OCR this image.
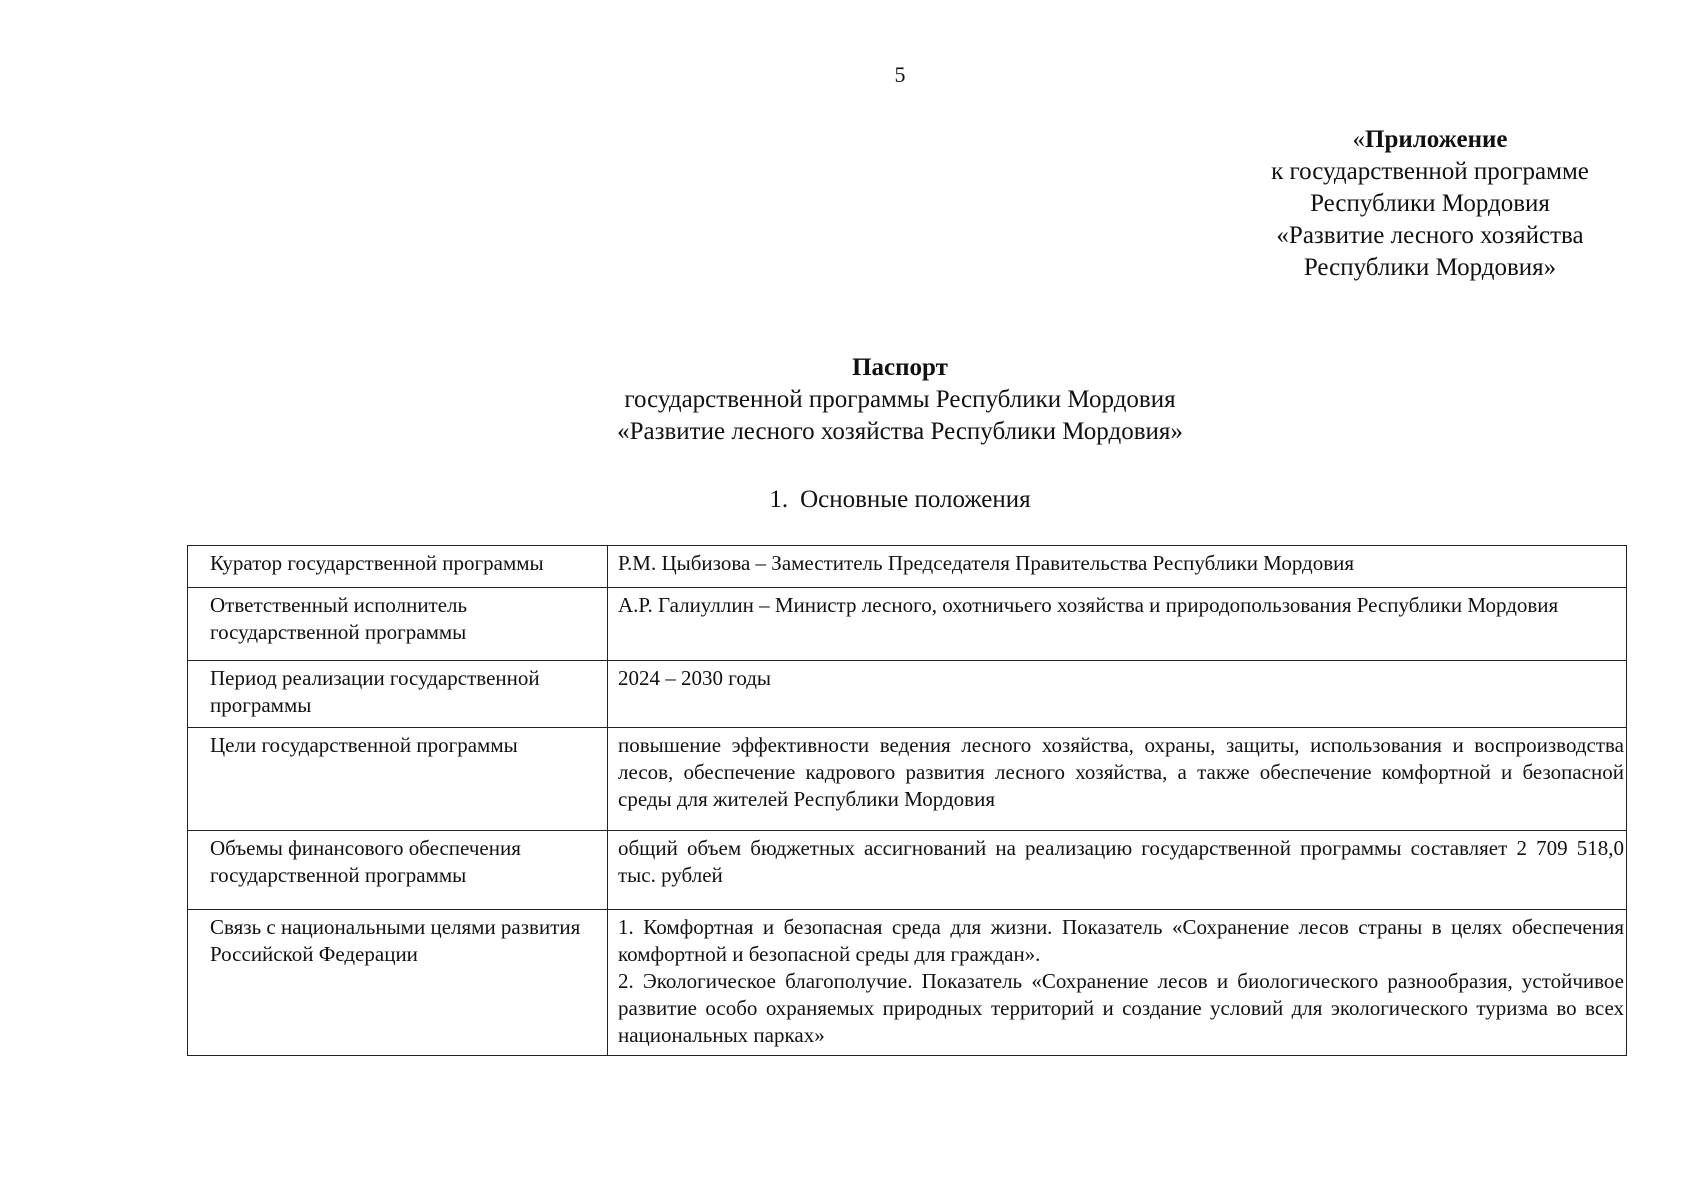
5
«Приложение
к государственной программе
Республики Мордовия
«Развитие лесного хозяйства
Республики Мордовия»
Паспорт
государственной программы Республики Мордовия
«Развитие лесного хозяйства Республики Мордовия»
1. Основные положения
Куратор государственной программы	Р.М. Цыбизова – Заместитель Председателя Правительства Республики Мордовия

Ответственный исполнитель государственной программы	А.Р. Галиуллин – Министр лесного, охотничьего хозяйства и природопользования Республики Мордовия

Период реализации государственной программы	2024 – 2030 годы

Цели государственной программы	повышение эффективности ведения лесного хозяйства, охраны, защиты, использования и воспроизводства лесов, обеспечение кадрового развития лесного хозяйства, а также обеспечение комфортной и безопасной среды для жителей Республики Мордовия

Объемы финансового обеспечения государственной программы	общий объем бюджетных ассигнований на реализацию государственной программы составляет 2 709 518,0 тыс. рублей

Связь с национальными целями развития Российской Федерации	1. Комфортная и безопасная среда для жизни. Показатель «Сохранение лесов страны в целях обеспечения комфортной и безопасной среды для граждан».
2. Экологическое благополучие. Показатель «Сохранение лесов и биологического разнообразия, устойчивое развитие особо охраняемых природных территорий и создание условий для экологического туризма во всех национальных парках»
